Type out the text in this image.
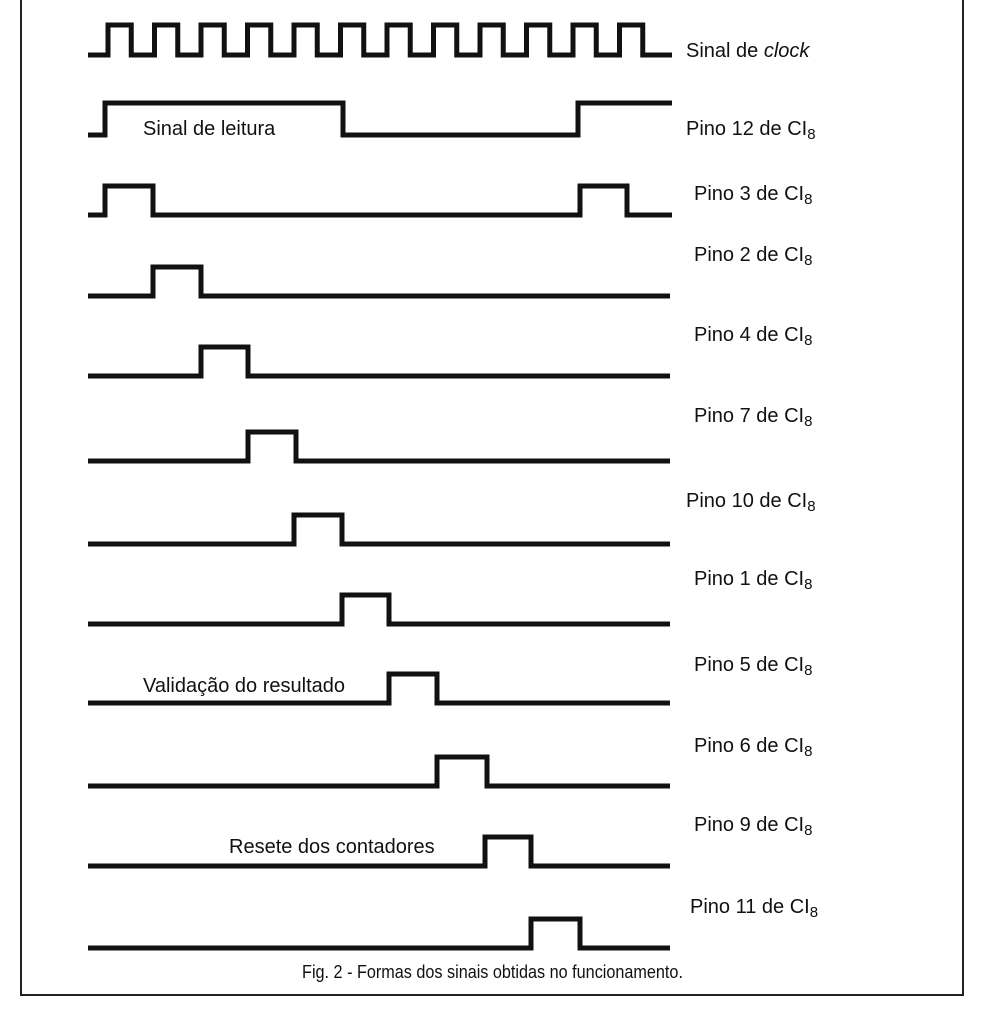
Sinal de clock
Pino 12 de $CI_8$
Pino 3 de $CI_8$
Pino 2 de $CI_8$
Pino 4 de $CI_8$
Pino 7 de $CI_8$
Pino 10 de $CI_8$
Pino 1 de $CI_8$
Pino 5 de $CI_8$
Pino 6 de $CI_8$
Pino 9 de $CI_8$
Pino 11 de $CI_8$
Sinal de leitura
Validação do resultado
Resete dos contadores
Fig. 2 - Formas dos sinais obtidas no funcionamento.
